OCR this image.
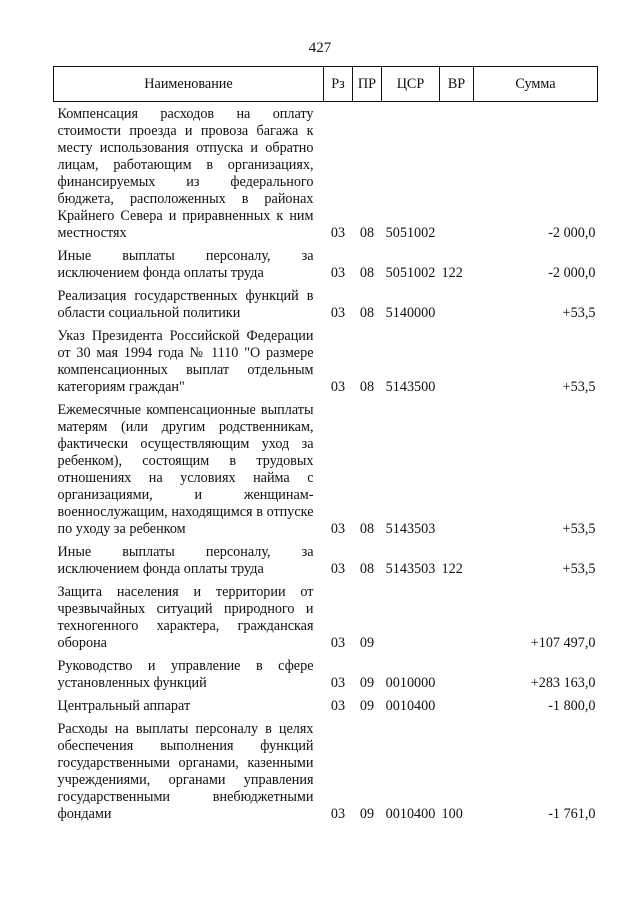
427
Наименование	Рз	ПР	ЦСР	ВР	Сумма
Компенсация расходов на оплату стоимости проезда и провоза багажа к месту использования отпуска и обратно лицам, работающим в организациях, финансируемых из федерального бюджета, расположенных в районах Крайнего Севера и приравненных к ним местностях	03	08	5051002		-2 000,0
Иные выплаты персоналу, за исключением фонда оплаты труда	03	08	5051002	122	-2 000,0
Реализация государственных функций в области социальной политики	03	08	5140000		+53,5
Указ Президента Российской Федерации от 30 мая 1994 года № 1110 "О размере компенсационных выплат отдельным категориям граждан"	03	08	5143500		+53,5
Ежемесячные компенсационные выплаты матерям (или другим родственникам, фактически осуществляющим уход за ребенком), состоящим в трудовых отношениях на условиях найма с организациями, и женщинам-военнослужащим, находящимся в отпуске по уходу за ребенком	03	08	5143503		+53,5
Иные выплаты персоналу, за исключением фонда оплаты труда	03	08	5143503	122	+53,5
Защита населения и территории от чрезвычайных ситуаций природного и техногенного характера, гражданская оборона	03	09			+107 497,0
Руководство и управление в сфере установленных функций	03	09	0010000		+283 163,0
Центральный аппарат	03	09	0010400		-1 800,0
Расходы на выплаты персоналу в целях обеспечения выполнения функций государственными органами, казенными учреждениями, органами управления государственными внебюджетными фондами	03	09	0010400	100	-1 761,0
